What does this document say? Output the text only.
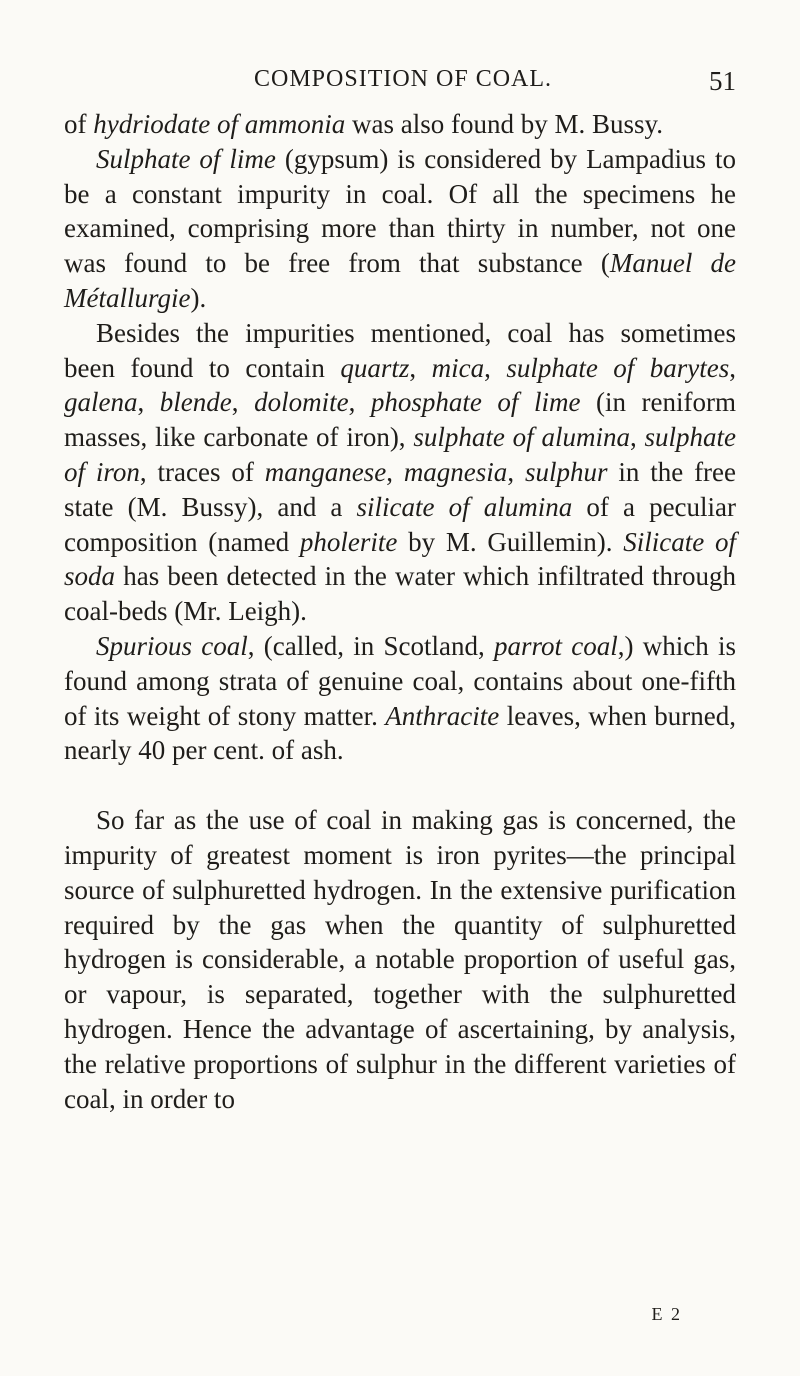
COMPOSITION OF COAL.	51

of hydriodate of ammonia was also found by M. Bussy.

Sulphate of lime (gypsum) is considered by Lampadius to be a constant impurity in coal. Of all the specimens he examined, comprising more than thirty in number, not one was found to be free from that substance (Manuel de Métallurgie).

Besides the impurities mentioned, coal has sometimes been found to contain quartz, mica, sulphate of barytes, galena, blende, dolomite, phosphate of lime (in reniform masses, like carbonate of iron), sulphate of alumina, sulphate of iron, traces of manganese, magnesia, sulphur in the free state (M. Bussy), and a silicate of alumina of a peculiar composition (named pholerite by M. Guillemin). Silicate of soda has been detected in the water which infiltrated through coal-beds (Mr. Leigh).

Spurious coal, (called, in Scotland, parrot coal,) which is found among strata of genuine coal, contains about one-fifth of its weight of stony matter. Anthracite leaves, when burned, nearly 40 per cent. of ash.

So far as the use of coal in making gas is concerned, the impurity of greatest moment is iron pyrites—the principal source of sulphuretted hydrogen. In the extensive purification required by the gas when the quantity of sulphuretted hydrogen is considerable, a notable proportion of useful gas, or vapour, is separated, together with the sulphuretted hydrogen. Hence the advantage of ascertaining, by analysis, the relative proportions of sulphur in the different varieties of coal, in order to

E 2
